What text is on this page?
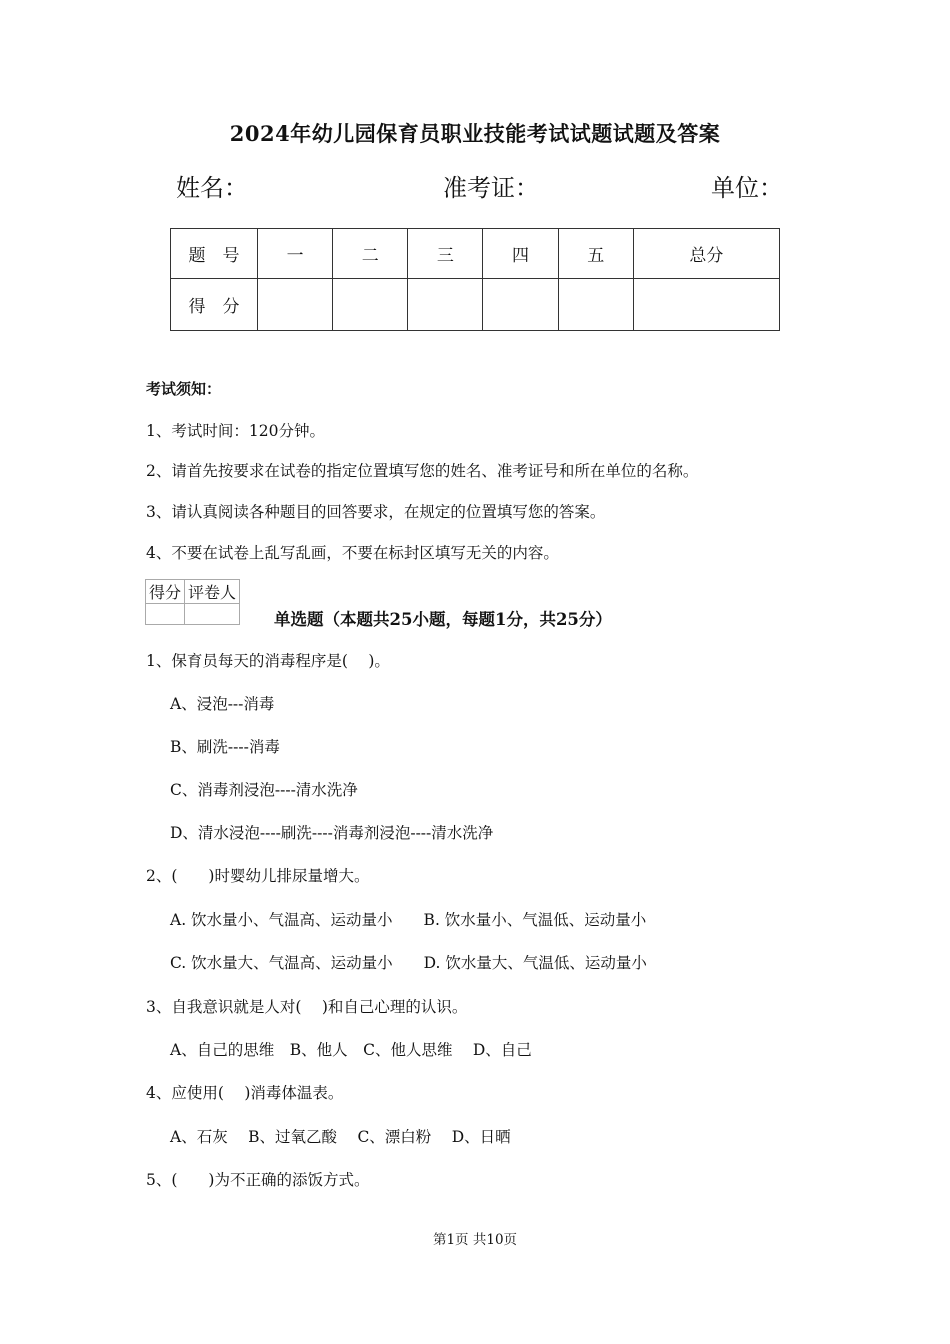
2024年幼儿园保育员职业技能考试试题试题及答案
姓名：	准考证：	单位：
题　号	一	二	三	四	五	总分
得　分						
考试须知：
1、考试时间：120分钟。
2、请首先按要求在试卷的指定位置填写您的姓名、准考证号和所在单位的名称。
3、请认真阅读各种题目的回答要求，在规定的位置填写您的答案。
4、不要在试卷上乱写乱画，不要在标封区填写无关的内容。
得分	评卷人

单选题（本题共25小题，每题1分，共25分）
1、保育员每天的消毒程序是(　 )。
A、浸泡---消毒
B、刷洗----消毒
C、消毒剂浸泡----清水洗净
D、清水浸泡----刷洗----消毒剂浸泡----清水洗净
2、(　　)时婴幼儿排尿量增大。
A. 饮水量小、气温高、运动量小　　B. 饮水量小、气温低、运动量小
C. 饮水量大、气温高、运动量小　　D. 饮水量大、气温低、运动量小
3、自我意识就是人对(　 )和自己心理的认识。
A、自己的思维　B、他人　C、他人思维　 D、自己
4、应使用(　 )消毒体温表。
A、石灰　 B、过氧乙酸　 C、漂白粉　 D、日晒
5、(　　)为不正确的添饭方式。
第1页 共10页
